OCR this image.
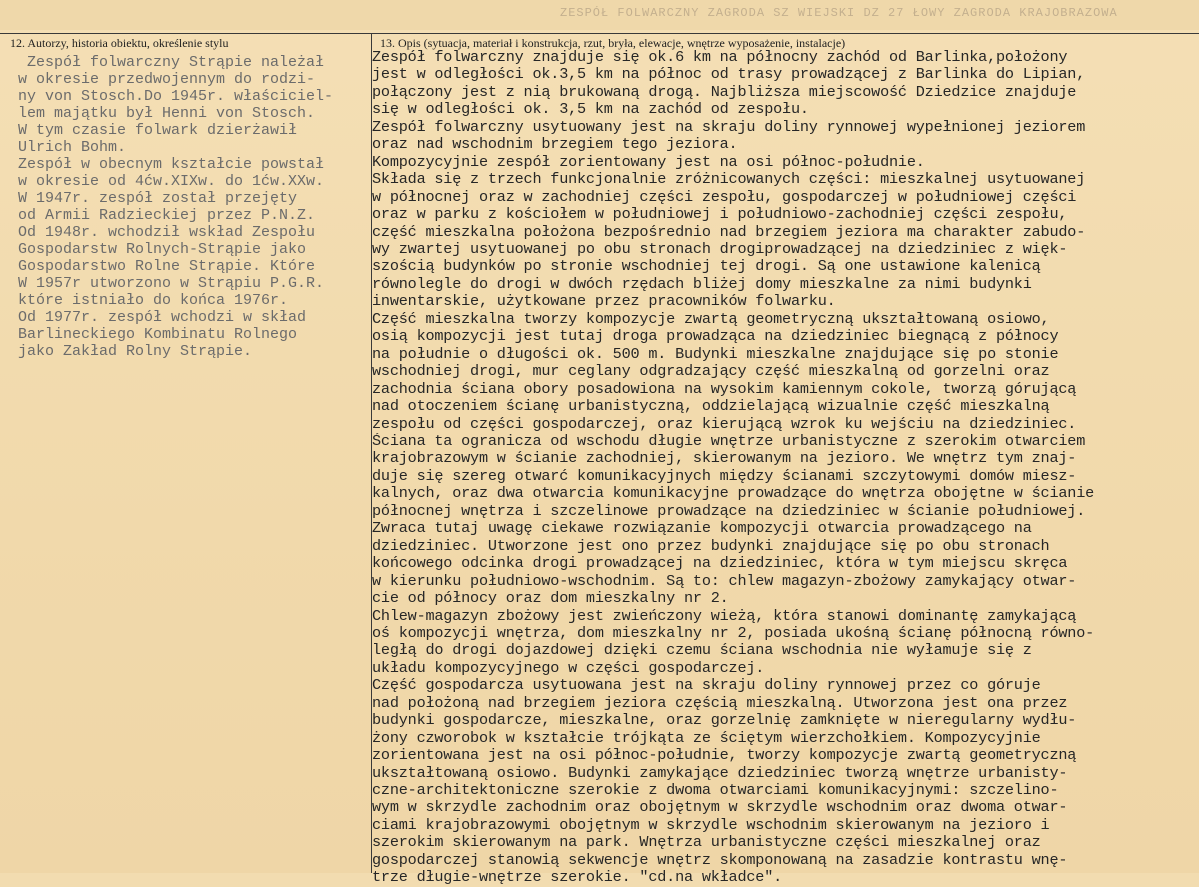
ZESPÓŁ FOLWARCZNY ZAGRODA SZ WIEJSKI DZ 27 ŁOWY ZAGRODA KRAJOBRAZOWA
12. Autorzy, historia obiektu, określenie stylu	13. Opis (sytuacja, materiał i konstrukcja, rzut, bryła, elewacje, wnętrze wyposażenie, instalacje)
Zespół folwarczny Strąpie należał
w okresie przedwojennym do rodzi-
ny von Stosch.Do 1945r. właściciel-
lem majątku był Henni von Stosch.
W tym czasie folwark dzierżawił
Ulrich Bohm.
Zespół w obecnym kształcie powstał
w okresie od 4ćw.XIXw. do 1ćw.XXw.
W 1947r. zespół został przejęty
od Armii Radzieckiej przez P.N.Z.
Od 1948r. wchodził wskład Zespołu
Gospodarstw Rolnych-Strąpie jako
Gospodarstwo Rolne Strąpie. Które
W 1957r utworzono w Strąpiu P.G.R.
które istniało do końca 1976r.
Od 1977r. zespół wchodzi w skład
Barlineckiego Kombinatu Rolnego
jako Zakład Rolny Strąpie.
Zespół folwarczny znajduje się ok.6 km na północny zachód od Barlinka,położony
jest w odległości ok.3,5 km na północ od trasy prowadzącej z Barlinka do Lipian,
połączony jest z nią brukowaną drogą. Najbliższa miejscowość Dziedzice znajduje
się w odległości ok. 3,5 km na zachód od zespołu.
Zespół folwarczny usytuowany jest na skraju doliny rynnowej wypełnionej jeziorem
oraz nad wschodnim brzegiem tego jeziora.
Kompozycyjnie zespół zorientowany jest na osi północ-południe.
Składa się z trzech funkcjonalnie zróżnicowanych części: mieszkalnej usytuowanej
w północnej oraz w zachodniej części zespołu, gospodarczej w południowej części
oraz w parku z kościołem w południowej i południowo-zachodniej części zespołu,
część mieszkalna położona bezpośrednio nad brzegiem jeziora ma charakter zabudo-
wy zwartej usytuowanej po obu stronach drogiprowadzącej na dziedziniec z więk-
szością budynków po stronie wschodniej tej drogi. Są one ustawione kalenicą
równolegle do drogi w dwóch rzędach bliżej domy mieszkalne za nimi budynki
inwentarskie, użytkowane przez pracowników folwarku.
Część mieszkalna tworzy kompozycje zwartą geometryczną ukształtowaną osiowo,
osią kompozycji jest tutaj droga prowadząca na dziedziniec biegnącą z północy
na południe o długości ok. 500 m. Budynki mieszkalne znajdujące się po stonie
wschodniej drogi, mur ceglany odgradzający część mieszkalną od gorzelni oraz
zachodnia ściana obory posadowiona na wysokim kamiennym cokole, tworzą górującą
nad otoczeniem ścianę urbanistyczną, oddzielającą wizualnie część mieszkalną
zespołu od części gospodarczej, oraz kierującą wzrok ku wejściu na dziedziniec.
Ściana ta ogranicza od wschodu długie wnętrze urbanistyczne z szerokim otwarciem
krajobrazowym w ścianie zachodniej, skierowanym na jezioro. We wnętrz tym znaj-
duje się szereg otwarć komunikacyjnych między ścianami szczytowymi domów miesz-
kalnych, oraz dwa otwarcia komunikacyjne prowadzące do wnętrza obojętne w ścianie
północnej wnętrza i szczelinowe prowadzące na dziedziniec w ścianie południowej.
Zwraca tutaj uwagę ciekawe rozwiązanie kompozycji otwarcia prowadzącego na
dziedziniec. Utworzone jest ono przez budynki znajdujące się po obu stronach
końcowego odcinka drogi prowadzącej na dziedziniec, która w tym miejscu skręca
w kierunku południowo-wschodnim. Są to: chlew magazyn-zbożowy zamykający otwar-
cie od północy oraz dom mieszkalny nr 2.
Chlew-magazyn zbożowy jest zwieńczony wieżą, która stanowi dominantę zamykającą
oś kompozycji wnętrza, dom mieszkalny nr 2, posiada ukośną ścianę północną równo-
ległą do drogi dojazdowej dzięki czemu ściana wschodnia nie wyłamuje się z
układu kompozycyjnego w części gospodarczej.
Część gospodarcza usytuowana jest na skraju doliny rynnowej przez co góruje
nad położoną nad brzegiem jeziora częścią mieszkalną. Utworzona jest ona przez
budynki gospodarcze, mieszkalne, oraz gorzelnię zamknięte w nieregularny wydłu-
żony czworobok w kształcie trójkąta ze ściętym wierzchołkiem. Kompozycyjnie
zorientowana jest na osi północ-południe, tworzy kompozycje zwartą geometryczną
ukształtowaną osiowo. Budynki zamykające dziedziniec tworzą wnętrze urbanisty-
czne-architektoniczne szerokie z dwoma otwarciami komunikacyjnymi: szczelino-
wym w skrzydle zachodnim oraz obojętnym w skrzydle wschodnim oraz dwoma otwar-
ciami krajobrazowymi obojętnym w skrzydle wschodnim skierowanym na jezioro i
szerokim skierowanym na park. Wnętrza urbanistyczne części mieszkalnej oraz
gospodarczej stanowią sekwencje wnętrz skomponowaną na zasadzie kontrastu wnę-
trze długie-wnętrze szerokie. "cd.na wkładce".
